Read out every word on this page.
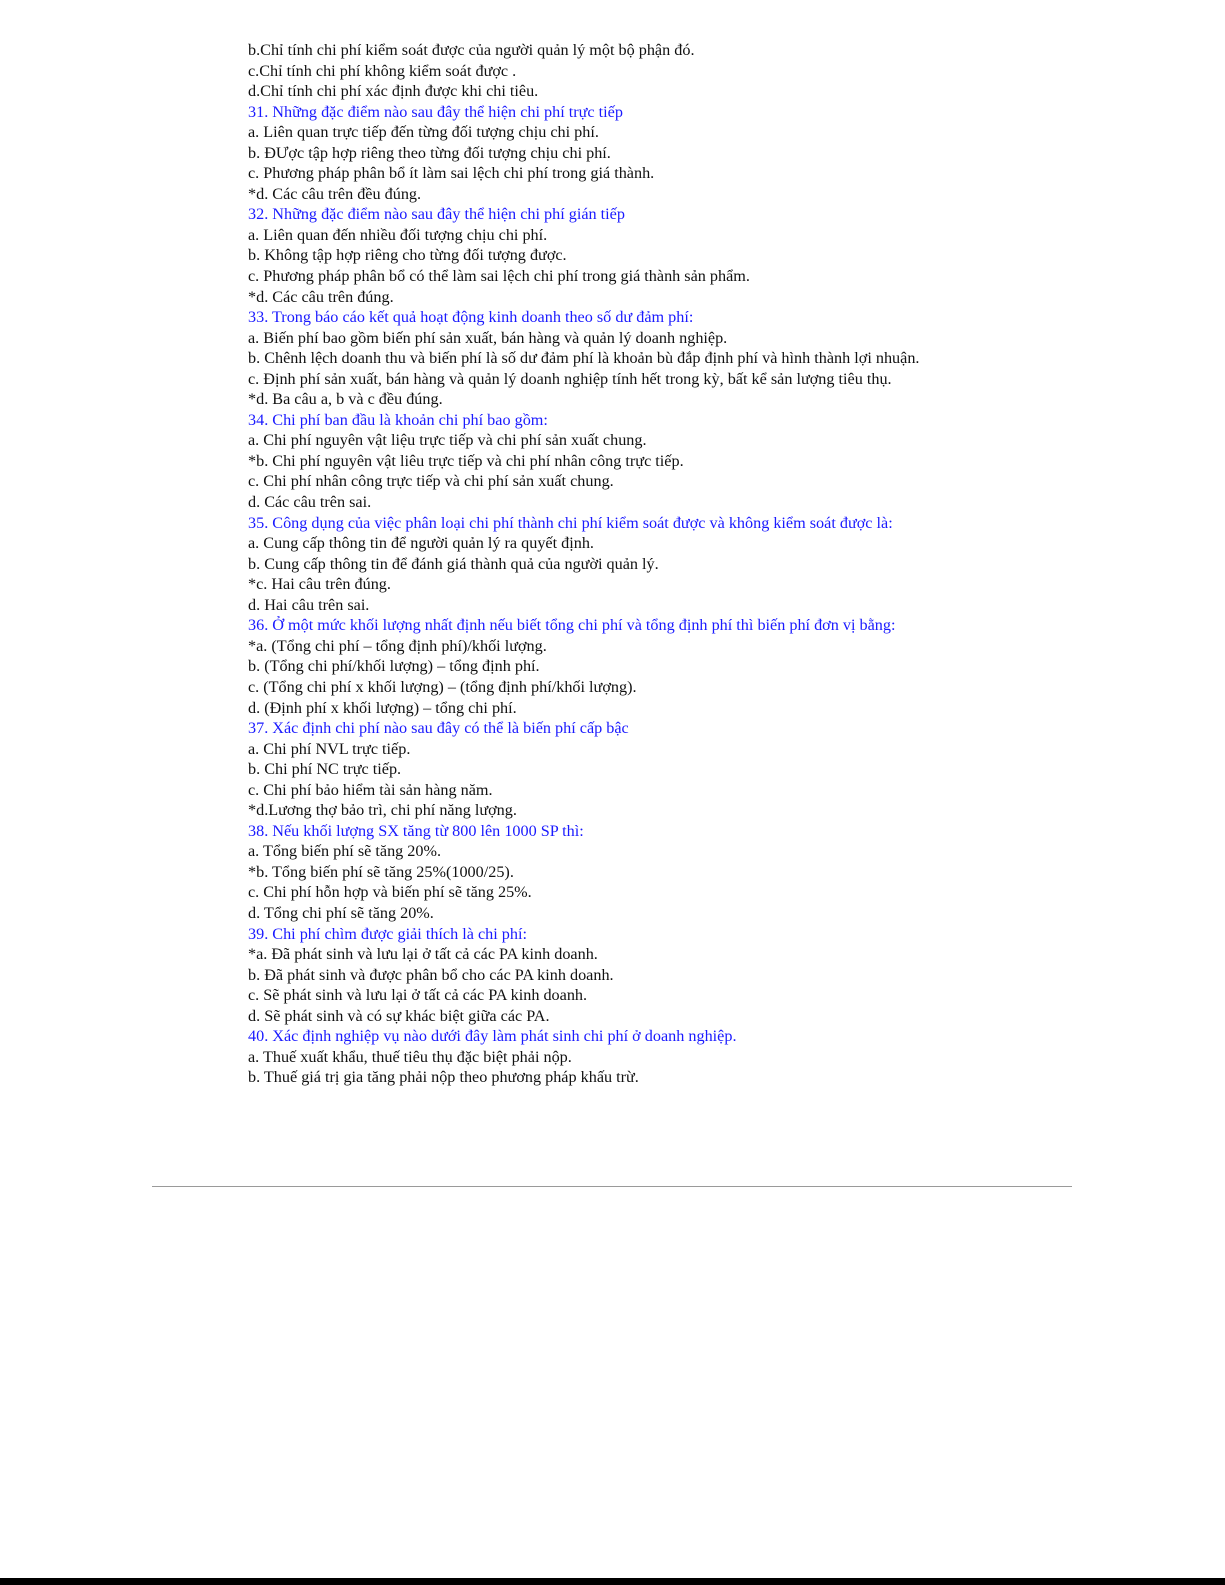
b.Chỉ tính chi phí kiểm soát được của người quản lý một bộ phận đó.

c.Chỉ tính chi phí không kiểm soát được .

d.Chỉ tính chi phí xác định được khi chi tiêu.

31. Những đặc điểm nào sau đây thể hiện chi phí trực tiếp

a. Liên quan trực tiếp đến từng đối tượng chịu chi phí.

b. ĐƯợc tập hợp riêng theo từng đối tượng chịu chi phí.

c. Phương pháp phân bổ ít làm sai lệch chi phí trong giá thành.

*d. Các câu trên đều đúng.

32. Những đặc điểm nào sau đây thể hiện chi phí gián tiếp

a. Liên quan đến nhiều đối tượng chịu chi phí.

b. Không tập hợp riêng cho từng đối tượng được.

c. Phương pháp phân bổ có thể làm sai lệch chi phí trong giá thành sản phẩm.

*d. Các câu trên đúng.

33. Trong báo cáo kết quả hoạt động kinh doanh theo số dư đảm phí:

a. Biến phí bao gồm biến phí sản xuất, bán hàng và quản lý doanh nghiệp.

b. Chênh lệch doanh thu và biến phí là số dư đảm phí là khoản bù đắp định phí và hình thành lợi nhuận.

c. Định phí sản xuất, bán hàng và quản lý doanh nghiệp tính hết trong kỳ, bất kể sản lượng tiêu thụ.

*d. Ba câu a, b và c đều đúng.

34. Chi phí ban đầu là khoản chi phí bao gồm:

a. Chi phí nguyên vật liệu trực tiếp và chi phí sản xuất chung.

*b. Chi phí nguyên vật liêu trực tiếp và chi phí nhân công trực tiếp.

c. Chi phí nhân công trực tiếp và chi phí sản xuất chung.

d. Các câu trên sai.

35. Công dụng của việc phân loại chi phí thành chi phí kiểm soát được và không kiểm soát được là:

a. Cung cấp thông tin để người quản lý ra quyết định.

b. Cung cấp thông tin để đánh giá thành quả của người quản lý.

*c. Hai câu trên đúng.

d. Hai câu trên sai.

36. Ở một mức khối lượng nhất định nếu biết tổng chi phí và tổng định phí thì biến phí đơn vị bằng:

*a. (Tổng chi phí – tổng định phí)/khối lượng.

b. (Tổng chi phí/khối lượng) – tổng định phí.

c. (Tổng chi phí x khối lượng) – (tổng định phí/khối lượng).

d. (Định phí x khối lượng) – tổng chi phí.

37. Xác định chi phí nào sau đây có thể là biến phí cấp bậc

a. Chi phí NVL trực tiếp.

b. Chi phí NC trực tiếp.

c. Chi phí bảo hiểm tài sản hàng năm.

*d.Lương thợ bảo trì, chi phí năng lượng.

38. Nếu khối lượng SX tăng từ 800 lên 1000 SP thì:

a. Tổng biến phí sẽ tăng 20%.

*b. Tổng biến phí sẽ tăng 25%(1000/25).

c. Chi phí hỗn hợp và biến phí sẽ tăng 25%.

d. Tổng chi phí sẽ tăng 20%.

39. Chi phí chìm được giải thích là chi phí:

*a. Đã phát sinh và lưu lại ở tất cả các PA kinh doanh.

b. Đã phát sinh và được phân bổ cho các PA kinh doanh.

c. Sẽ phát sinh và lưu lại ở tất cả các PA kinh doanh.

d. Sẽ phát sinh và có sự khác biệt giữa các PA.

40. Xác định nghiệp vụ nào dưới đây làm phát sinh chi phí ở doanh nghiệp.

a. Thuế xuất khẩu, thuế tiêu thụ đặc biệt phải nộp.

b. Thuế giá trị gia tăng phải nộp theo phương pháp khấu trừ.
